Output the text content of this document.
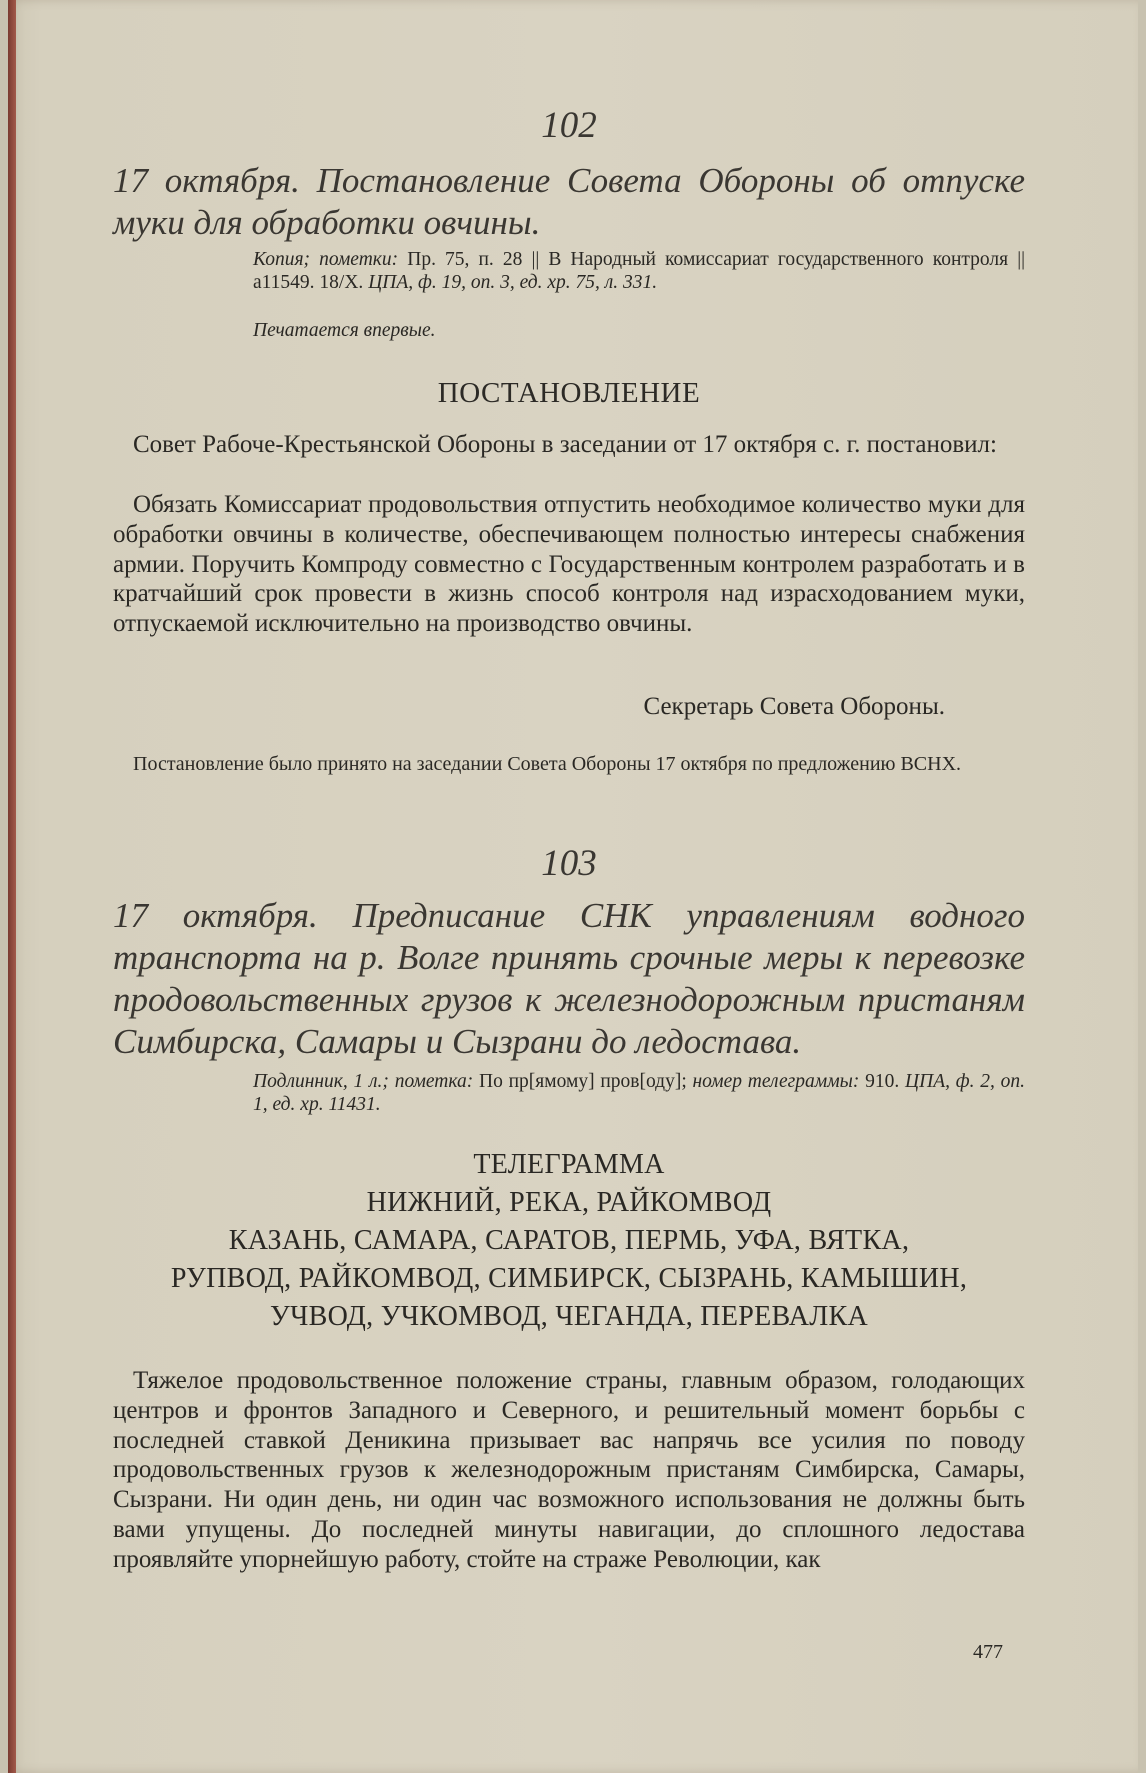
102
17 октября. Постановление Совета Обороны об отпуске муки для обработки овчины.
Копия; пометки: Пр. 75, п. 28 || В Народный комиссариат государственного контроля || а11549. 18/Х. ЦПА, ф. 19, оп. 3, ед. хр. 75, л. 331.
Печатается впервые.
ПОСТАНОВЛЕНИЕ
Совет Рабоче-Крестьянской Обороны в заседании от 17 октября с. г. постановил:
Обязать Комиссариат продовольствия отпустить необходимое количество муки для обработки овчины в количестве, обеспечивающем полностью интересы снабжения армии. Поручить Компроду совместно с Государственным контролем разработать и в кратчайший срок провести в жизнь способ контроля над израсходованием муки, отпускаемой исключительно на производство овчины.
Секретарь Совета Обороны.
Постановление было принято на заседании Совета Обороны 17 октября по предложению ВСНХ.
103
17 октября. Предписание СНК управлениям водного транспорта на р. Волге принять срочные меры к перевозке продовольственных грузов к железнодорожным пристаням Симбирска, Самары и Сызрани до ледостава.
Подлинник, 1 л.; пометка: По пр[ямому] пров[оду]; номер телеграммы: 910. ЦПА, ф. 2, оп. 1, ед. хр. 11431.
ТЕЛЕГРАММА
НИЖНИЙ, РЕКА, РАЙКОМВОД
КАЗАНЬ, САМАРА, САРАТОВ, ПЕРМЬ, УФА, ВЯТКА,
РУПВОД, РАЙКОМВОД, СИМБИРСК, СЫЗРАНЬ, КАМЫШИН,
УЧВОД, УЧКОМВОД, ЧЕГАНДА, ПЕРЕВАЛКА
Тяжелое продовольственное положение страны, главным образом, голодающих центров и фронтов Западного и Северного, и решительный момент борьбы с последней ставкой Деникина призывает вас напрячь все усилия по поводу продовольственных грузов к железнодорожным пристаням Симбирска, Самары, Сызрани. Ни один день, ни один час возможного использования не должны быть вами упущены. До последней минуты навигации, до сплошного ледостава проявляйте упорнейшую работу, стойте на страже Революции, как
477
